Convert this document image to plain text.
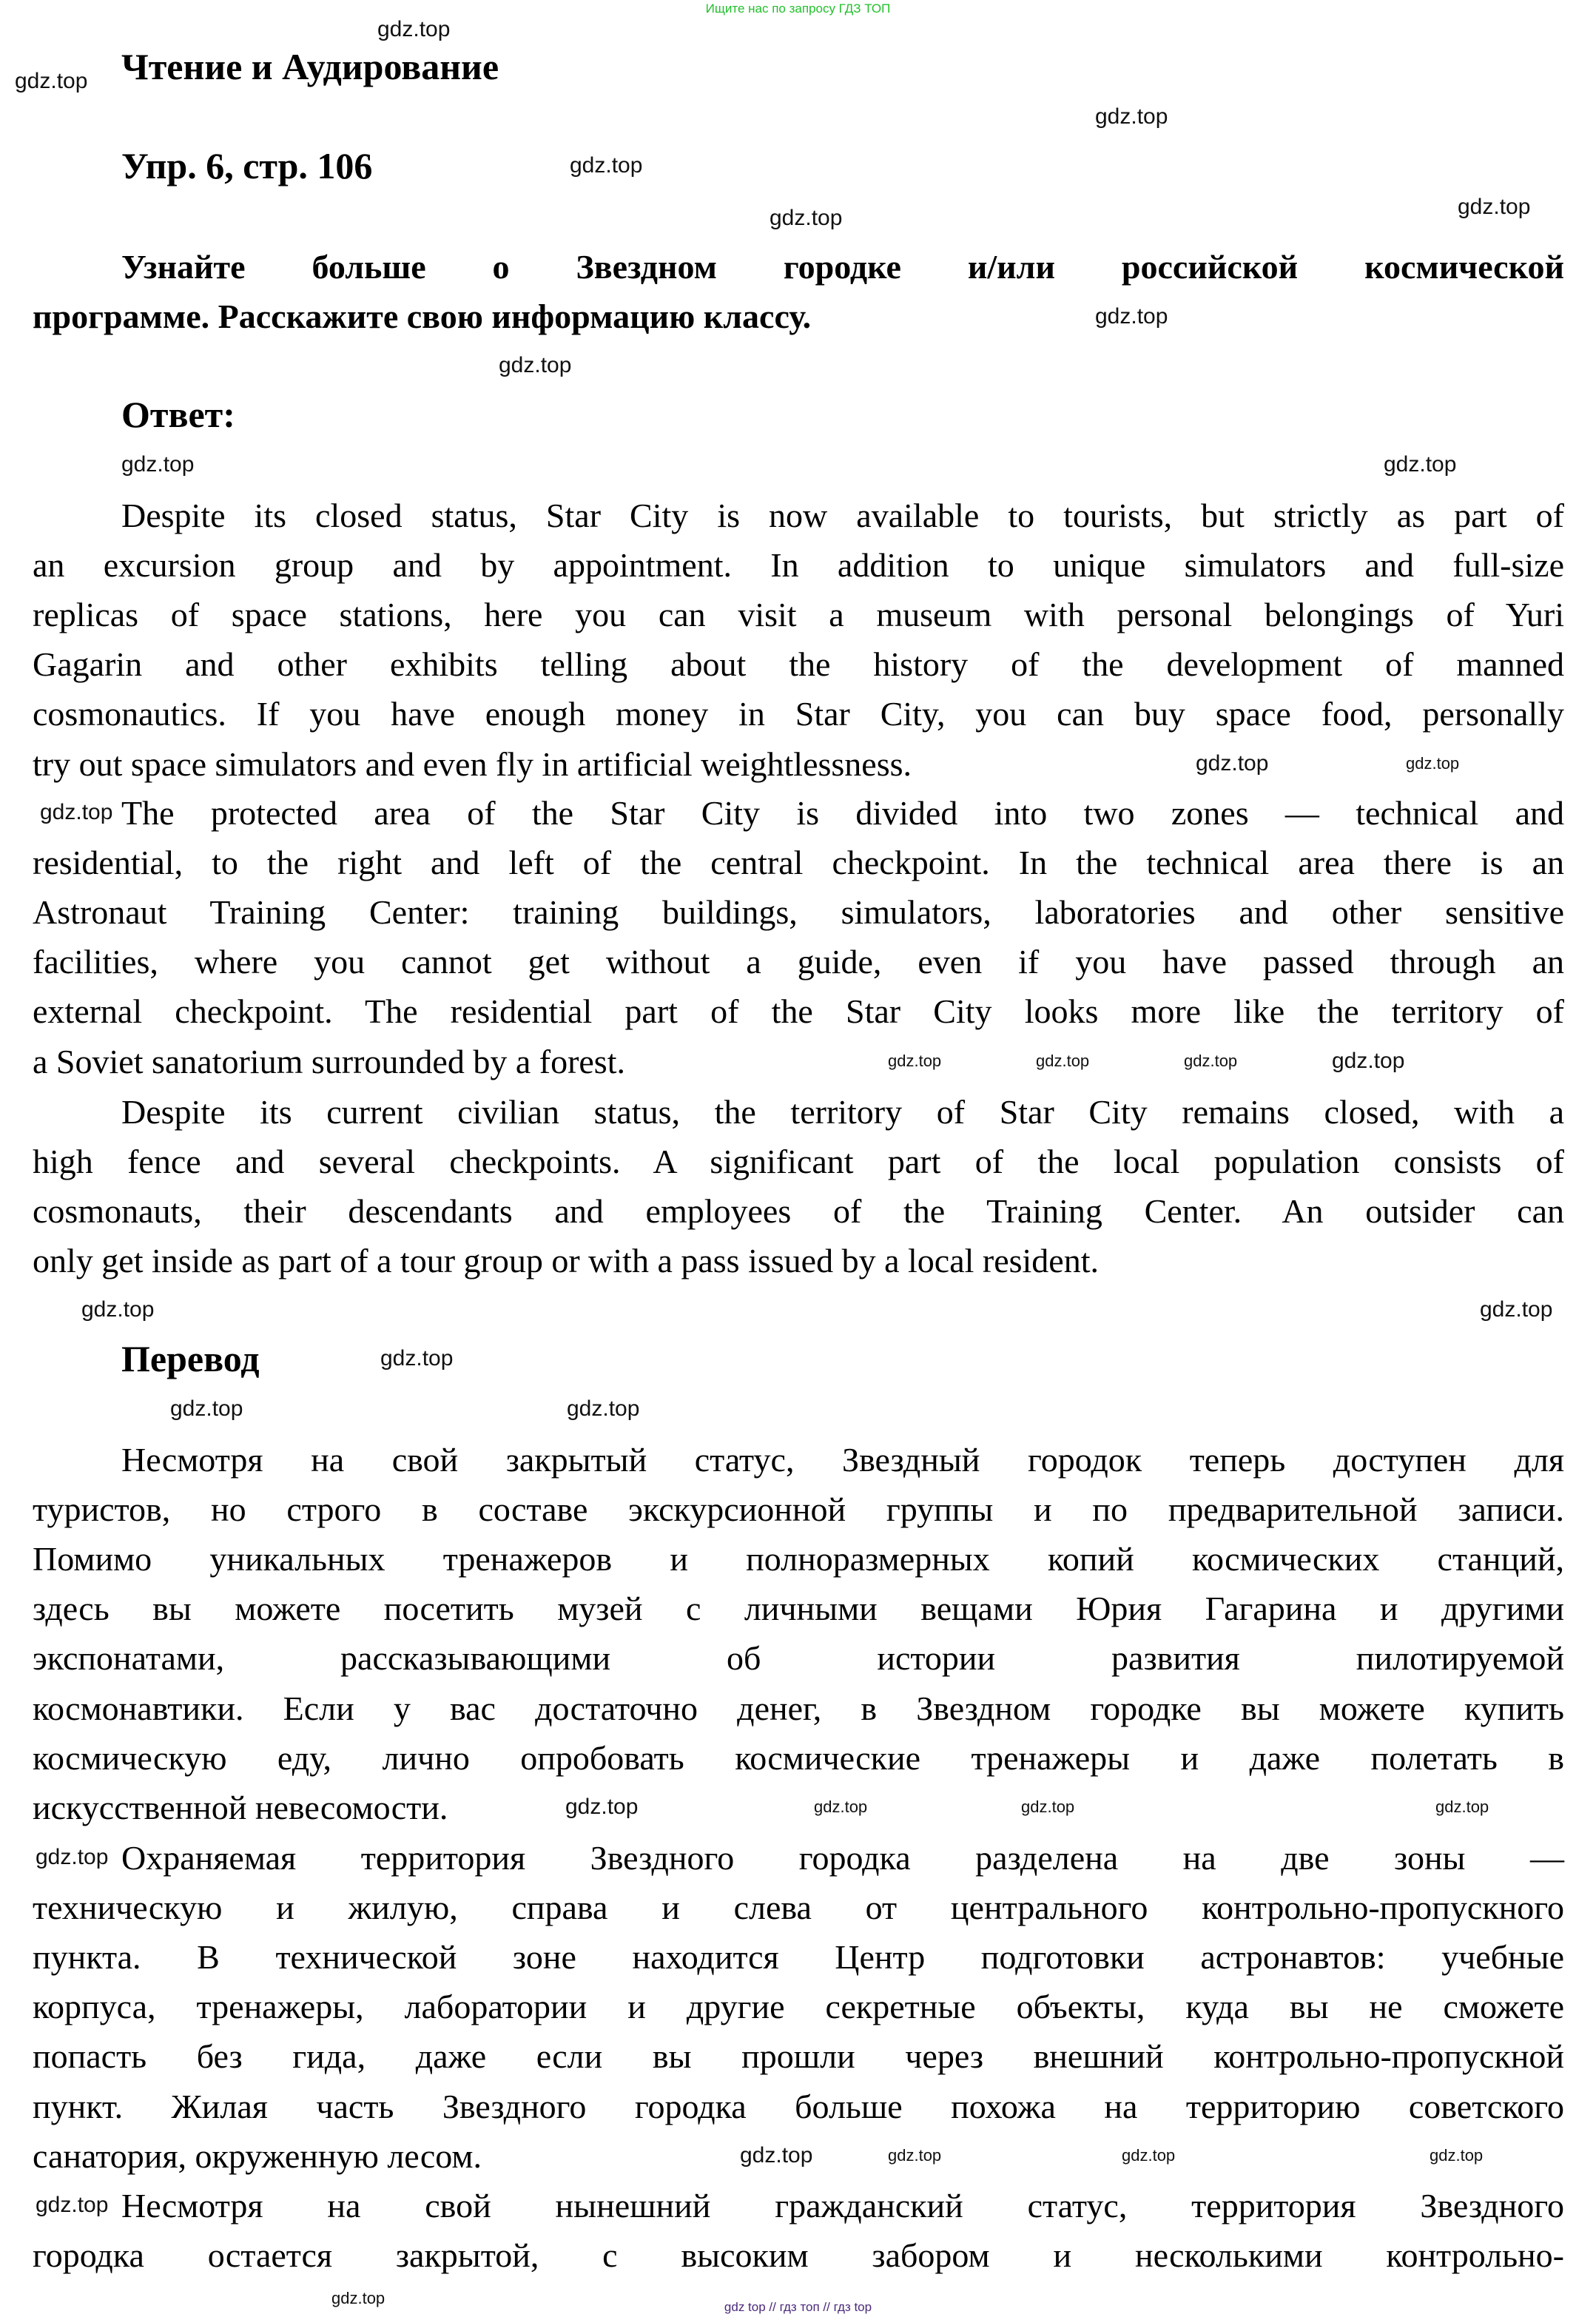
Ищите нас по запросу ГДЗ ТОП
Чтение и Аудирование
Упр. 6, стр. 106
Ответ:
Перевод
Узнайте больше о Звездном городке и/или российской космической
программе. Расскажите свою информацию классу.
Despite its closed status, Star City is now available to tourists, but strictly as part of
an excursion group and by appointment. In addition to unique simulators and full-size
replicas of space stations, here you can visit a museum with personal belongings of Yuri
Gagarin and other exhibits telling about the history of the development of manned
cosmonautics. If you have enough money in Star City, you can buy space food, personally
try out space simulators and even fly in artificial weightlessness.
The protected area of the Star City is divided into two zones — technical and
residential, to the right and left of the central checkpoint. In the technical area there is an
Astronaut Training Center: training buildings, simulators, laboratories and other sensitive
facilities, where you cannot get without a guide, even if you have passed through an
external checkpoint. The residential part of the Star City looks more like the territory of
a Soviet sanatorium surrounded by a forest.
Despite its current civilian status, the territory of Star City remains closed, with a
high fence and several checkpoints. A significant part of the local population consists of
cosmonauts, their descendants and employees of the Training Center. An outsider can
only get inside as part of a tour group or with a pass issued by a local resident.
Несмотря на свой закрытый статус, Звездный городок теперь доступен для
туристов, но строго в составе экскурсионной группы и по предварительной записи.
Помимо уникальных тренажеров и полноразмерных копий космических станций,
здесь вы можете посетить музей с личными вещами Юрия Гагарина и другими
экспонатами, рассказывающими об истории развития пилотируемой
космонавтики. Если у вас достаточно денег, в Звездном городке вы можете купить
космическую еду, лично опробовать космические тренажеры и даже полетать в
искусственной невесомости.
Охраняемая территория Звездного городка разделена на две зоны —
техническую и жилую, справа и слева от центрального контрольно-пропускного
пункта. В технической зоне находится Центр подготовки астронавтов: учебные
корпуса, тренажеры, лаборатории и другие секретные объекты, куда вы не сможете
попасть без гида, даже если вы прошли через внешний контрольно-пропускной
пункт. Жилая часть Звездного городка больше похожа на территорию советского
санатория, окруженную лесом.
Несмотря на свой нынешний гражданский статус, территория Звездного
городка остается закрытой, с высоким забором и несколькими контрольно-
gdz.top
gdz.top
gdz.top
gdz.top
gdz.top
gdz.top
gdz.top
gdz.top
gdz.top	gdz.top
gdz.top
gdz.top
gdz.top
gdz.top	gdz.top	gdz.top	gdz.top
gdz.top
gdz.top
gdz.top
gdz.top
gdz.top
gdz.top	gdz.top
gdz.top
gdz.top
gdz.top
gdz.top
gdz.top
gdz.top
gdz.top
gdz.top
gdz.top	gdz top // гдз топ // гдз top
